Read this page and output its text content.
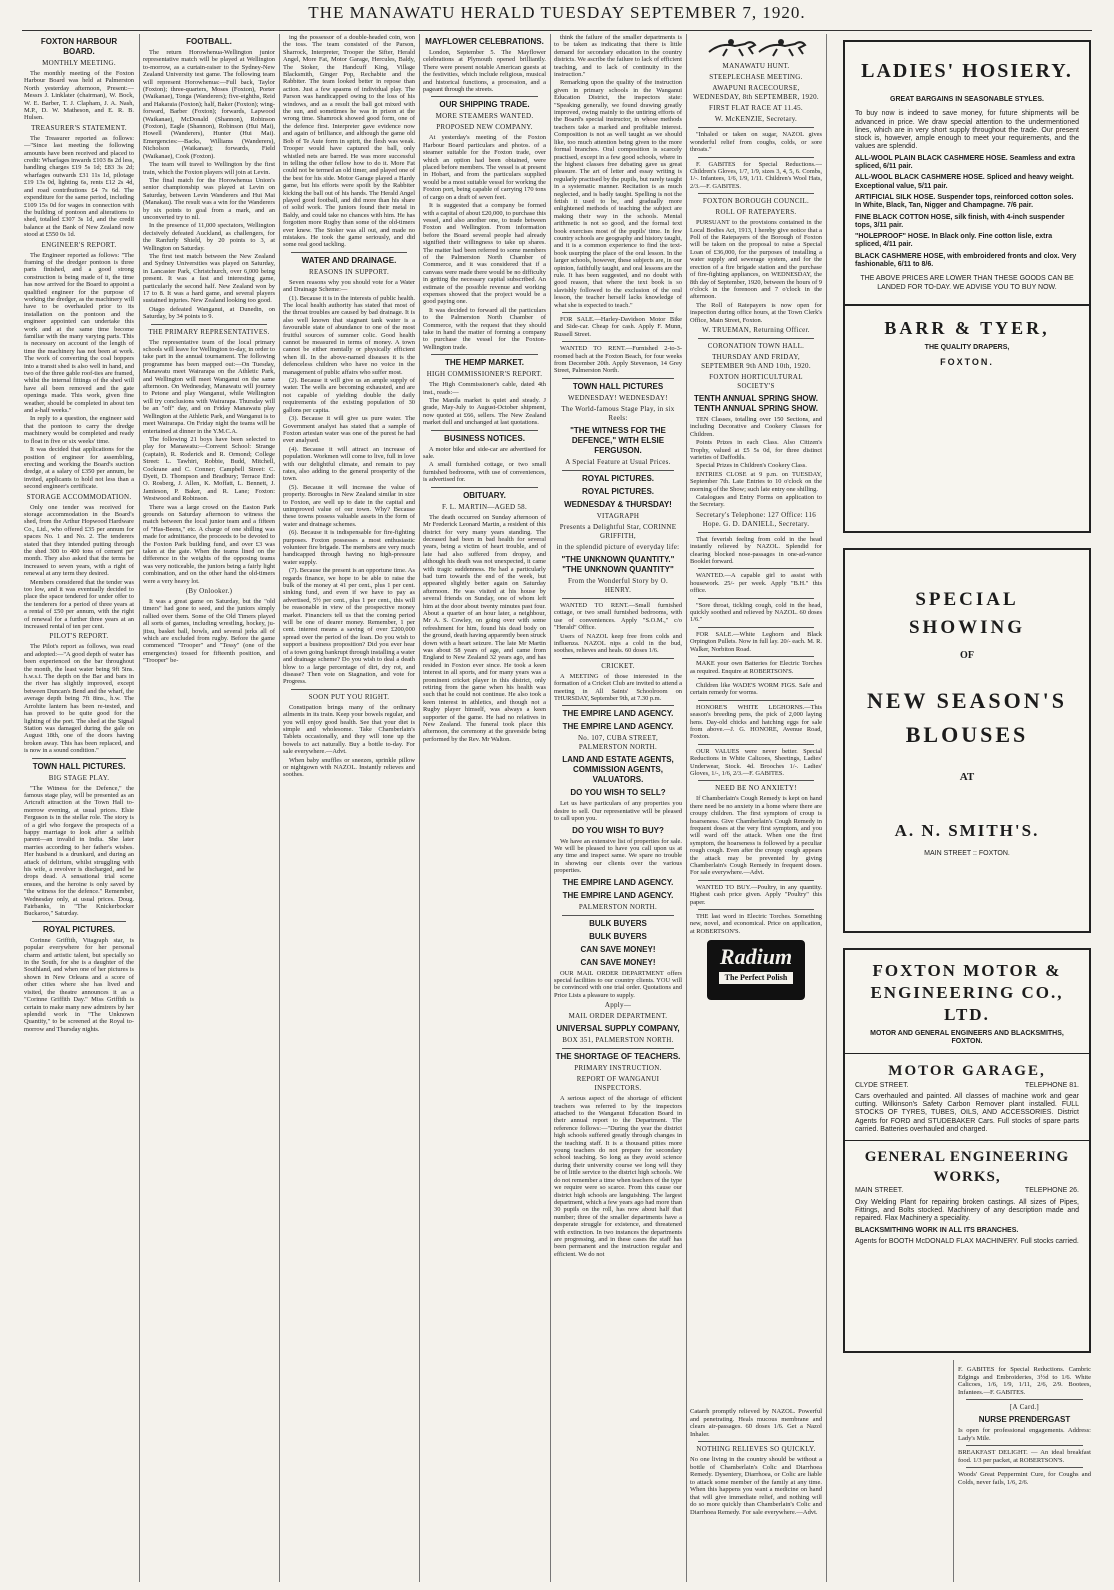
THE MANAWATU HERALD TUESDAY SEPTEMBER 7, 1920.
FOXTON HARBOUR BOARD.
MONTHLY MEETING.

The monthly meeting of the Foxton Harbour Board was held at Palmerston North yesterday afternoon, Present:—Messrs J. Linklater (chairman), W. Bock, W. E. Barber, T. J. Clapham, J. A. Nash, M.P., D. W. Matheson, and E. R. B. Hulsen.

TREASURER'S STATEMENT.

The Treasurer reported as follows:—"Since last meeting the following amounts have been received and placed to credit: Wharfages inwards £103 8s 2d less, handling charges £19 5s 1d; £83 3s 2d; wharfages outwards £31 11s 1d, pilotage £19 13s 0d, lighting 6s, rents £12 2s 4d, and road contributions £4 7s 6d. The expenditure for the same period, including £109 15s 0d for wages in connection with the building of pontoon and alterations to shed, totalled £307 3s 1d, and the credit balance at the Bank of New Zealand now stood at £550 0s 1d.

ENGINEER'S REPORT.

The Engineer reported as follows: "The framing of the dredger pontoon is three parts finished, and a good strong construction is being made of it, the time has now arrived for the Board to appoint a qualified engineer for the purpose of working the dredger, as the machinery will have to be overhauled prior to its installation on the pontoon and the engineer appointed can undertake this work and at the same time become familiar with the many varying parts. This is necessary on account of the length of time the machinery has not been at work. The work of converting the coal hoppers into a transit shed is also well in hand, and two of the three gable roof-ties are framed, whilst the internal fittings of the shed will have all been removed and the gate openings made. This work, given fine weather, should be completed in about ten and a-half weeks."

In reply to a question, the engineer said that the pontoon to carry the dredge machinery would be completed and ready to float in five or six weeks' time.

It was decided that applications for the position of engineer for assembling, erecting and working the Board's suction dredge, at a salary of £350 per annum, be invited, applicants to hold not less than a second engineer's certificate.

STORAGE ACCOMMODATION.

Only one tender was received for storage accommodation in the Board's shed, from the Arthur Hopwood Hardware Co., Ltd., who offered £35 per annum for spaces No. 1 and No. 2. The tenderers stated that they intended putting through the shed 300 to 400 tons of cement per month. They also asked that the terms be increased to seven years, with a right of renewal at any term they desired.

Members considered that the tender was too low, and it was eventually decided to place the space tendered for under offer to the tenderers for a period of three years at a rental of £50 per annum, with the right of renewal for a further three years at an increased rental of ten per cent.

PILOT'S REPORT.

The Pilot's report as follows, was read and adopted:—"A good depth of water has been experienced on the bar throughout the month, the least water being 9ft 5ins. h.w.s.t. The depth on the Bar and bars in the river has slightly improved, except between Duncan's Bend and the wharf, the average depth being 7ft 8ins., h.w. The Arrohite lantern has been re-tested, and has proved to be quite good for the lighting of the port. The shed at the Signal Station was damaged during the gale on August 18th, one of the doors having broken away. This has been replaced, and is now in a sound condition."

TOWN HALL PICTURES.
BIG STAGE PLAY.

"The Witness for the Defence," the famous stage play, will be presented as an Artcraft attraction at the Town Hall to-morrow evening, at usual prices. Elsie Ferguson is in the stellar role. The story is of a girl who forgave the prospects of a happy marriage to look after a selfish parent—an invalid in India. She later marries according to her father's wishes. Her husband is a drunkard, and during an attack of delirium, whilst struggling with his wife, a revolver is discharged, and he drops dead. A sensational trial scene ensues, and the heroine is only saved by "the witness for the defence." Remember, Wednesday only, at usual prices. Doug. Fairbanks, in "The Knickerbocker Buckaroo," Saturday.

ROYAL PICTURES.

Corinne Griffith, Vitagraph star, is popular everywhere for her personal charm and artistic talent, but specially so in the South, for she is a daughter of the Southland, and when one of her pictures is shown in New Orleans and a score of other cities where she has lived and visited, the theatre announces it as a "Corinne Griffith Day." Miss Griffith is certain to make many new admirers by her splendid work in "The Unknown Quantity," to be screened at the Royal to-morrow and Thursday nights.

FOOTBALL.

The return Horowhenua-Wellington junior representative match will be played at Wellington to-morrow, as a curtain-raiser to the Sydney-New Zealand University test game. The following team will represent Horowhenua:—Full back, Taylor (Foxton); three-quarters, Moses (Foxton), Porter (Waikanae), Tonga (Wanderers); five-eighths, Reid and Hakaraia (Foxton); half, Baker (Foxton); wing-forward, Barber (Foxton); forwards, Lapwood (Waikanae), McDonald (Shannon), Robinson (Foxton), Eagle (Shannon), Robinson (Hui Mai), Howell (Wanderers), Hunter (Hui Mai). Emergencies:—Backs, Williams (Wanderers), Nicholson (Waikanae); forwards, Field (Waikanae), Cook (Foxton).

The team will travel to Wellington by the first train, which the Foxton players will join at Levin.

The final match for the Horowhenua Union's senior championship was played at Levin on Saturday, between Levin Wanderers and Hui Mai (Manakau). The result was a win for the Wanderers by six points to goal from a mark, and an unconverted try to nil.

In the presence of 11,000 spectators, Wellington decisively defeated Auckland, as challengers, for the Ranfurly Shield, by 20 points to 3, at Wellington on Saturday.

The first test match between the New Zealand and Sydney Universities was played on Saturday, in Lancaster Park, Christchurch, over 6,000 being present. It was a fast and interesting game, particularly the second half. New Zealand won by 17 to 8. It was a hard game, and several players sustained injuries. New Zealand looking too good.

Otago defeated Wanganui, at Dunedin, on Saturday, by 34 points to 9.

THE PRIMARY REPRESENTATIVES.

The representative team of the local primary schools will leave for Wellington to-day, in order to take part in the annual tournament. The following programme has been mapped out:—On Tuesday, Manawatu meet Wairarapa on the Athletic Park, and Wellington will meet Wanganui on the same afternoon. On Wednesday, Manawatu will journey to Petone and play Wanganui, while Wellington will try conclusions with Wairarapa. Thursday will be an "off" day, and on Friday Manawatu play Wellington at the Athletic Park, and Wanganui is to meet Wairarapa. On Friday night the teams will be entertained at dinner in the Y.M.C.A.

The following 21 boys have been selected to play for Manawatu:—Convent School: Strange (captain), R. Roderick and R. Ormond; College Street: L. Tawhiri, Robbie, Budd, Mitchell, Cockrane and C. Conner; Campbell Street: C. Dyett, D. Thompson and Bradbury; Terrace End: O. Rosberg, J. Allen, K. Moffatt, L. Bennett, J. Jamieson, P. Baker, and R. Lane; Foxton: Westwood and Robinson.

There was a large crowd on the Easton Park grounds on Saturday afternoon to witness the match between the local junior team and a fifteen of "Has-Beens," etc. A charge of one shilling was made for admittance, the proceeds to be devoted to the Foxton Park building fund, and over £3 was taken at the gate. When the teams lined on the difference in the weights of the opposing teams was very noticeable, the juniors being a fairly light combination, and on the other hand the old-timers were a very heavy lot.

(By Onlooker.)

It was a great game on Saturday, but the "old timers" had gone to seed, and the juniors simply rallied over them. Some of the Old Timers played all sorts of games, including wrestling, hockey, ju-jitsu, basket ball, bowls, and several jerks all of which are excluded from rugby. Before the game commenced "Trooper" and "Tessy" (one of the emergencies) tossed for fifteenth position, and "Trooper" be-

ing the possessor of a double-headed coin, won the toss. The team consisted of the Parson, Sharrock, Interpreter, Trooper the Sifter, Herald Angel, More Fat, Motor Garage, Hercules, Baldy, The Stoker, the Handcuff King, Village Blacksmith, Ginger Pop, Rechabite and the Rabbiter. The team looked better in repose than action. Just a few spasms of individual play. The Parson was handicapped owing to the loss of his windows, and as a result the ball got mixed with the sun, and sometimes he was in prison at the wrong time. Shamrock showed good form, one of the defence first. Interpreter gave evidence now and again of brilliance, and although the game old Bob of Te Aute form in spirit, the flesh was weak. Trooper would have captured the ball, only whistled nets are barred. He was more successful in telling the other fellow how to do it. More Fat could not be termed an old timer, and played one of the best for his side. Motor Garage played a Hardy game, but his efforts were spoilt by the Rabbiter kicking the ball out of his hands. The Herald Angel played good football, and did more than his share of solid work. The juniors found their metal in Baldy, and could take no chances with him. He has forgotten more Rugby than some of the old-timers ever knew. The Stoker was all out, and made no mistakes. He took the game seriously, and did some real good tackling.

WATER AND DRAINAGE.
REASONS IN SUPPORT.

Seven reasons why you should vote for a Water and Drainage Scheme:—

(1). Because it is in the interests of public health. The local health authority has stated that most of the throat troubles are caused by bad drainage. It is also well known that stagnant tank water is a favourable state of abundance to one of the most fruitful sources of summer colic. Good health cannot be measured in terms of money. A town cannot be either mentally or physically efficient when ill. In the above-named diseases it is the defenceless children who have no voice in the management of public affairs who suffer most.

(2). Because it will give us an ample supply of water. The wells are becoming exhausted, and are not capable of yielding double the daily requirements of the existing population of 30 gallons per capita.

(3). Because it will give us pure water. The Government analyst has stated that a sample of Foxton artesian water was one of the purest he had ever analysed.

(4). Because it will attract an increase of population. Workmen will come to live, full in love with our delightful climate, and remain to pay rates, also adding to the general prosperity of the town.

(5). Because it will increase the value of property. Boroughs in New Zealand similar in size to Foxton, are well up to date in the capital and unimproved value of our town. Why? Because these towns possess valuable assets in the form of water and drainage schemes.

(6). Because it is indispensable for fire-fighting purposes. Foxton possesses a most enthusiastic volunteer fire brigade. The members are very much handicapped through having no high-pressure water supply.

(7). Because the present is an opportune time. As regards finance, we hope to be able to raise the bulk of the money at 41 per cent., plus 1 per cent. sinking fund, and even if we have to pay as advertised, 5½ per cent., plus 1 per cent., this will be reasonable in view of the prospective money market. Financiers tell us that the coming period will be one of dearer money. Remember, 1 per cent. interest means a saving of over £200,000 spread over the period of the loan. Do you wish to support a business proposition? Did you ever hear of a town going bankrupt through installing a water and drainage scheme? Do you wish to deal a death blow to a large percentage of dirt, dry rot, and disease? Then vote on Stagnation, and vote for Progress.

SOON PUT YOU RIGHT.

Constipation brings many of the ordinary ailments in its train. Keep your bowels regular, and you will enjoy good health. See that your diet is simple and wholesome. Take Chamberlain's Tablets occasionally, and they will tone up the bowels to act naturally. Buy a bottle to-day. For sale everywhere.—Advt.

When baby snuffles or sneezes, sprinkle pillow or nightgown with NAZOL. Instantly relieves and soothes.

MAYFLOWER CELEBRATIONS.

London, September 5. The Mayflower celebrations at Plymouth opened brilliantly. There were present notable American guests at the festivities, which include religious, musical and historical functions, a procession, and a pageant through the streets.

OUR SHIPPING TRADE.
MORE STEAMERS WANTED.
PROPOSED NEW COMPANY.

At yesterday's meeting of the Foxton Harbour Board particulars and photos. of a steamer suitable for the Foxton trade, over which an option had been obtained, were placed before members. The vessel is at present in Hobart, and from the particulars supplied would be a most suitable vessel for working the Foxton port, being capable of carrying 170 tons of cargo on a draft of seven feet.

It is suggested that a company be formed with a capital of about £20,000, to purchase this vessel, and also another one, to trade between Foxton and Wellington. From information before the Board several people had already signified their willingness to take up shares. The matter had been referred to some members of the Palmerston North Chamber of Commerce, and it was considered that if a canvass were made there would be no difficulty in getting the necessary capital subscribed. An estimate of the possible revenue and working expenses showed that the project would be a good paying one.

It was decided to forward all the particulars to the Palmerston North Chamber of Commerce, with the request that they should take in hand the matter of forming a company to purchase the vessel for the Foxton-Wellington trade.

THE HEMP MARKET.
HIGH COMMISSIONER'S REPORT.

The High Commissioner's cable, dated 4th inst., reads:—

The Manila market is quiet and steady. J grade, May-July to August-October shipment, now quoted at £66, sellers. The New Zealand market dull and unchanged at last quotations.

BUSINESS NOTICES.

A motor bike and side-car are advertised for sale.

A small furnished cottage, or two small furnished bedrooms, with use of conveniences, is advertised for.

OBITUARY.
F. L. MARTIN—AGED 58.

The death occurred on Sunday afternoon of Mr Frederick Leonard Martin, a resident of this district for very many years standing. The deceased had been in bad health for several years, being a victim of heart trouble, and of late had also suffered from dropsy, and although his death was not unexpected, it came with tragic suddenness. He had a particularly bad turn towards the end of the week, but appeared slightly better again on Saturday afternoon. He was visited at his house by several friends on Sunday, one of whom left him at the door about twenty minutes past four. About a quarter of an hour later, a neighbour, Mr A. S. Cowley, on going over with some refreshment for him, found his dead body on the ground, death having apparently been struck down with a heart seizure. The late Mr Martin was about 58 years of age, and came from England to New Zealand 32 years ago, and has resided in Foxton ever since. He took a keen interest in all sports, and for many years was a prominent cricket player in this district, only retiring from the game when his health was such that he could not continue. He also took a keen interest in athletics, and though not a Rugby player himself, was always a keen supporter of the game. He had no relatives in New Zealand. The funeral took place this afternoon, the ceremony at the graveside being performed by the Rev. Mr Walton.

think the failure of the smaller departments is to be taken as indicating that there is little demand for secondary education in the country districts. We ascribe the failure to lack of efficient teaching, and to lack of continuity in the instruction."

Remarking upon the quality of the instruction given in primary schools in the Wanganui Education District, the inspectors state: "Speaking generally, we found drawing greatly improved, owing mainly to the untiring efforts of the Board's special instructor, in whose methods teachers take a marked and profitable interest. Composition is not as well taught as we should like, too much attention being given to the more formal branches. Oral composition is scarcely practised, except in a few good schools, where in the highest classes free debating gave us great pleasure. The art of letter and essay writing is regularly practised by the pupils, but rarely taught in a systematic manner. Recitation is as much neglected, and is badly taught. Spelling is not the fetish it used to be, and gradually more enlightened methods of teaching the subject are making their way in the schools. Mental arithmetic is not so good, and the formal text book exercises most of the pupils' time. In few country schools are geography and history taught, and it is a common experience to find the text-book usurping the place of the oral lesson. In the larger schools, however, these subjects are, in our opinion, faithfully taught, and oral lessons are the rule. It has been suggested, and no doubt with good reason, that where the text book is so slavishly followed to the exclusion of the oral lesson, the teacher herself lacks knowledge of what she is expected to teach."

FOR SALE.—Harley-Davidson Motor Bike and Side-car. Cheap for cash. Apply F. Munn, Russell Street.

WANTED TO RENT.—Furnished 2-to-3-roomed bach at the Foxton Beach, for four weeks from December 20th. Apply Stevenson, 14 Grey Street, Palmerston North.

TOWN HALL PICTURES
WEDNESDAY! WEDNESDAY!
The World-famous Stage Play, in six Reels:
"THE WITNESS FOR THE DEFENCE," WITH ELSIE FERGUSON.
A Special Feature at Usual Prices.
ROYAL PICTURES.
ROYAL PICTURES.
WEDNESDAY & THURSDAY!
VITAGRAPH
Presents a Delightful Star, CORINNE GRIFFITH,
in the splendid picture of everyday life:
"THE UNKNOWN QUANTITY." "THE UNKNOWN QUANTITY"
From the Wonderful Story by O. HENRY.

WANTED TO RENT.—Small furnished cottage, or two small furnished bedrooms, with use of conveniences. Apply "S.O.M.," c/o "Herald" Office.

Users of NAZOL keep free from colds and influenza. NAZOL nips a cold in the bud, soothes, relieves and heals. 60 doses 1/6.

CRICKET.

A MEETING of those interested in the formation of a Cricket Club are invited to attend a meeting in All Saints' Schoolroom on THURSDAY, September 9th, at 7.30 p.m.

THE EMPIRE LAND AGENCY.
THE EMPIRE LAND AGENCY.
No. 107, CUBA STREET, PALMERSTON NORTH.
LAND AND ESTATE AGENTS, COMMISSION AGENTS, VALUATORS.
DO YOU WISH TO SELL?

Let us have particulars of any properties you desire to sell. Our representative will be pleased to call upon you.

DO YOU WISH TO BUY?

We have an extensive list of properties for sale. We will be pleased to have you call upon us at any time and inspect same. We spare no trouble in showing our clients over the various properties.

THE EMPIRE LAND AGENCY.
THE EMPIRE LAND AGENCY.
PALMERSTON NORTH.
BULK BUYERS
BULK BUYERS
CAN SAVE MONEY!
CAN SAVE MONEY!

OUR MAIL ORDER DEPARTMENT offers special facilities to our country clients. YOU will be convinced with one trial order. Quotations and Price Lists a pleasure to supply.

Apply—
MAIL ORDER DEPARTMENT.
UNIVERSAL SUPPLY COMPANY,
BOX 351, PALMERSTON NORTH.
THE SHORTAGE OF TEACHERS.
PRIMARY INSTRUCTION.
REPORT OF WANGANUI INSPECTORS.

A serious aspect of the shortage of efficient teachers was referred to by the inspectors attached to the Wanganui Education Board in their annual report to the Department. The reference follows:—"During the year the district high schools suffered greatly through changes in the teaching staff. It is a thousand pities more young teachers do not prepare for secondary school teaching. So long as they avoid science during their university course we long will they be of little service to the district high schools. We do not remember a time when teachers of the type we require were so scarce. From this cause our district high schools are languishing. The largest department, which a few years ago had more than 30 pupils on the roll, has now about half that number; three of the smaller departments have a desperate struggle for existence, and threatened with extinction. In two instances the departments are progressing, and in these cases the staff has been permanent and the instruction regular and efficient. We do not

MANAWATU HUNT.
STEEPLECHASE MEETING.
AWAPUNI RACECOURSE, WEDNESDAY, 8th SEPTEMBER, 1920.
FIRST FLAT RACE AT 11.45.
W. McKENZIE, Secretary.

"Inhaled or taken on sugar, NAZOL gives wonderful relief from coughs, colds, or sore throats."

F. GABITES for Special Reductions.—Children's Gloves, 1/7, 1/9, sizes 3, 4, 5, 6. Combs, 1/-. Infantees, 1/6, 1/9, 1/11. Children's Wool Hats, 2/3.—F. GABITES.

FOXTON BOROUGH COUNCIL.
ROLL OF RATEPAYERS.

PURSUANT to the provisions contained in the Local Bodies Act, 1913, I hereby give notice that a Poll of the Ratepayers of the Borough of Foxton will be taken on the proposal to raise a Special Loan of £36,000, for the purposes of installing a water supply and sewerage system, and for the erection of a fire brigade station and the purchase of fire-fighting appliances, on WEDNESDAY, the 8th day of September, 1920, between the hours of 9 o'clock in the forenoon and 7 o'clock in the afternoon.

The Roll of Ratepayers is now open for inspection during office hours, at the Town Clerk's Office, Main Street, Foxton.

W. TRUEMAN, Returning Officer.
CORONATION TOWN HALL.
THURSDAY AND FRIDAY, SEPTEMBER 9th AND 10th, 1920.
FOXTON HORTICULTURAL SOCIETY'S
TENTH ANNUAL SPRING SHOW. TENTH ANNUAL SPRING SHOW.

TEN Classes, totalling over 150 Sections, and including Decorative and Cookery Classes for Children.

Points Prizes in each Class. Also Citizen's Trophy, valued at £5 5s 0d, for three distinct varieties of Daffodils.

Special Prizes in Children's Cookery Class.

ENTRIES CLOSE at 9 p.m. on TUESDAY, September 7th. Late Entries to 10 o'clock on the morning of the Show; such late entry one shilling.

Catalogues and Entry Forms on application to the Secretary.

Secretary's Telephone: 127 Office: 116 Hope. G. D. DANIELL, Secretary.

That feverish feeling from cold in the head instantly relieved by NAZOL. Splendid for clearing blocked nose-passages in one-ad-vance Booklet forward.

WANTED.—A capable girl to assist with housework. 25/- per week. Apply "B.H." this office.

"Sore throat, tickling cough, cold in the head, quickly soothed and relieved by NAZOL. 60 doses 1/6."

FOR SALE.—White Leghorn and Black Orpington Pullets. Now in full lay. 20/- each. M. R. Walker, Norbiton Road.

MAKE your own Batteries for Electric Torches as required. Enquire at ROBERTSON'S.

Children like WADE'S WORM FIGS. Safe and certain remedy for worms.

HONORE'S WHITE LEGHORNS.—This season's breeding pens, the pick of 2,000 laying hens. Day-old chicks and hatching eggs for sale from above.—J. G. HONORE, Avenue Road, Foxton.

OUR VALUES were never better. Special Reductions in White Calicoes, Sheetings, Ladies' Underwear, Stock. 4d. Brooches 1/-. Ladies' Gloves, 1/-, 1/6, 2/3.—F. GABITES.

NEED BE NO ANXIETY!

If Chamberlain's Cough Remedy is kept on hand there need be no anxiety in a home where there are croupy children. The first symptom of croup is hoarseness. Give Chamberlain's Cough Remedy in frequent doses at the very first symptom, and you will ward off the attack. When one the first symptom, the hoarseness is followed by a peculiar rough cough. Even after the croupy cough appears the attack may be prevented by giving Chamberlain's Cough Remedy in frequent doses. For sale everywhere.—Advt.

WANTED TO BUY.—Poultry, in any quantity. Highest cash price given. Apply "Poultry" this paper.

THE last word in Electric Torches. Something new, novel, and economical. Price on application, at ROBERTSON'S.

Radium
The Perfect Polish

Catarrh promptly relieved by NAZOL. Powerful and penetrating. Heals mucous membrane and clears air-passages. 60 doses 1/6. Get a Nazol Inhaler.

NOTHING RELIEVES SO QUICKLY.

No one living in the country should be without a bottle of Chamberlain's Colic and Diarrhoea Remedy. Dysentery, Diarrhoea, or Colic are liable to attack some member of the family at any time. When this happens you want a medicine on hand that will give immediate relief, and nothing will do so more quickly than Chamberlain's Colic and Diarrhoea Remedy. For sale everywhere.—Advt.

LADIES' HOSIERY.
GREAT BARGAINS IN SEASONABLE STYLES.
To buy now is indeed to save money, for future shipments will be advanced in price. We draw special attention to the undermentioned lines, which are in very short supply throughout the trade. Our present stock is, however, ample enough to meet your requirements, and the values are splendid.
ALL-WOOL PLAIN BLACK CASHMERE HOSE. Seamless and extra spliced, 6/11 pair.
ALL-WOOL BLACK CASHMERE HOSE. Spliced and heavy weight. Exceptional value, 5/11 pair.
ARTIFICIAL SILK HOSE. Suspender tops, reinforced cotton soles. In White, Black, Tan, Nigger and Champagne. 7/6 pair.
FINE BLACK COTTON HOSE, silk finish, with 4-inch suspender tops, 3/11 pair.
"HOLEPROOF" HOSE. In Black only. Fine cotton lisle, extra spliced, 4/11 pair.
BLACK CASHMERE HOSE, with embroidered fronts and clox. Very fashionable, 6/11 to 8/6.
THE ABOVE PRICES ARE LOWER THAN THESE GOODS CAN BE LANDED FOR TO-DAY. WE ADVISE YOU TO BUY NOW.
BARR & TYER,
THE QUALITY DRAPERS,
FOXTON.
SPECIAL
SHOWING
OF
NEW SEASON'S
BLOUSES
AT
A. N. SMITH'S.
MAIN STREET :: FOXTON.
FOXTON MOTOR & ENGINEERING CO., LTD.
MOTOR AND GENERAL ENGINEERS AND BLACKSMITHS, FOXTON.
MOTOR GARAGE,
CLYDE STREET.	TELEPHONE 81.
Cars overhauled and painted. All classes of machine work and gear cutting. Wilkinson's Safety Carbon Remover plant installed. FULL STOCKS OF TYRES, TUBES, OILS, AND ACCESSORIES. District Agents for FORD and STUDEBAKER Cars. Full stocks of spare parts carried. Batteries overhauled and charged.
GENERAL ENGINEERING WORKS,
MAIN STREET.	TELEPHONE 26.
Oxy Welding Plant for repairing broken castings. All sizes of Pipes, Fittings, and Bolts stocked. Machinery of any description made and repaired. Flax Machinery a speciality.
BLACKSMITHING WORK IN ALL ITS BRANCHES.
Agents for BOOTH McDONALD FLAX MACHINERY. Full stocks carried.

F. GABITES for Special Reductions. Cambric Edgings and Embroideries, 3½d to 1/6. White Calicoes, 1/6, 1/9, 1/11, 2/6, 2/9. Bootees, Infantees.—F. GABITES.

[A Card.]
NURSE PRENDERGAST

Is open for professional engagements. Address: Lady's Mile.

BREAKFAST DELIGHT. — An ideal breakfast food. 1/3 per packet, at ROBERTSON'S.

Woods' Great Peppermint Cure, for Coughs and Colds, never fails, 1/6, 2/6.
